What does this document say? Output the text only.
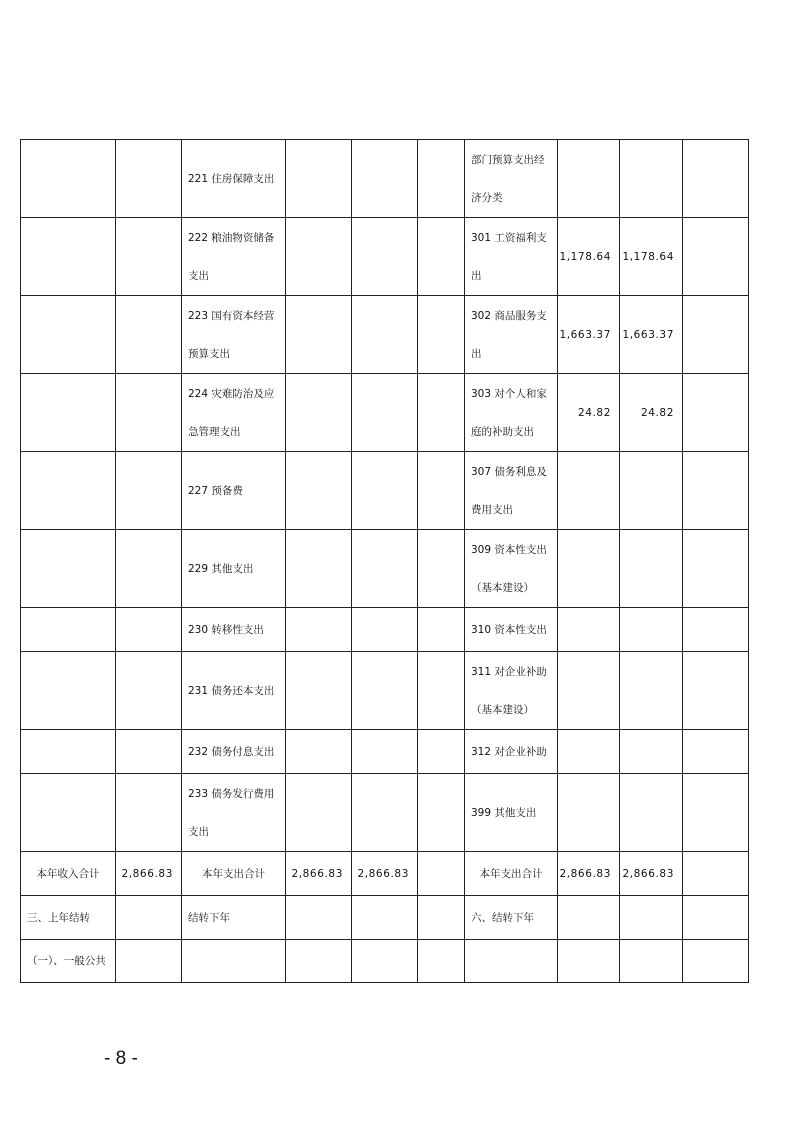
		221 住房保障支出				部门预算支出经
济分类			

		222 粮油物资储备
支出				301 工资福利支
出	1,178.64	1,178.64	

		223 国有资本经营
预算支出				302 商品服务支
出	1,663.37	1,663.37	

		224 灾难防治及应
急管理支出				303 对个人和家
庭的补助支出	24.82	24.82	

		227 预备费				307 债务利息及
费用支出			

		229 其他支出				309 资本性支出
（基本建设）			

		230 转移性支出				310 资本性支出			

		231 债务还本支出				311 对企业补助
（基本建设）			

		232 债务付息支出				312 对企业补助			

		233 债务发行费用
支出				399 其他支出			

本年收入合计	2,866.83	本年支出合计	2,866.83	2,866.83		本年支出合计	2,866.83	2,866.83	
三、上年结转		结转下年				六、结转下年			
（一）、一般公共									
- 8 -
